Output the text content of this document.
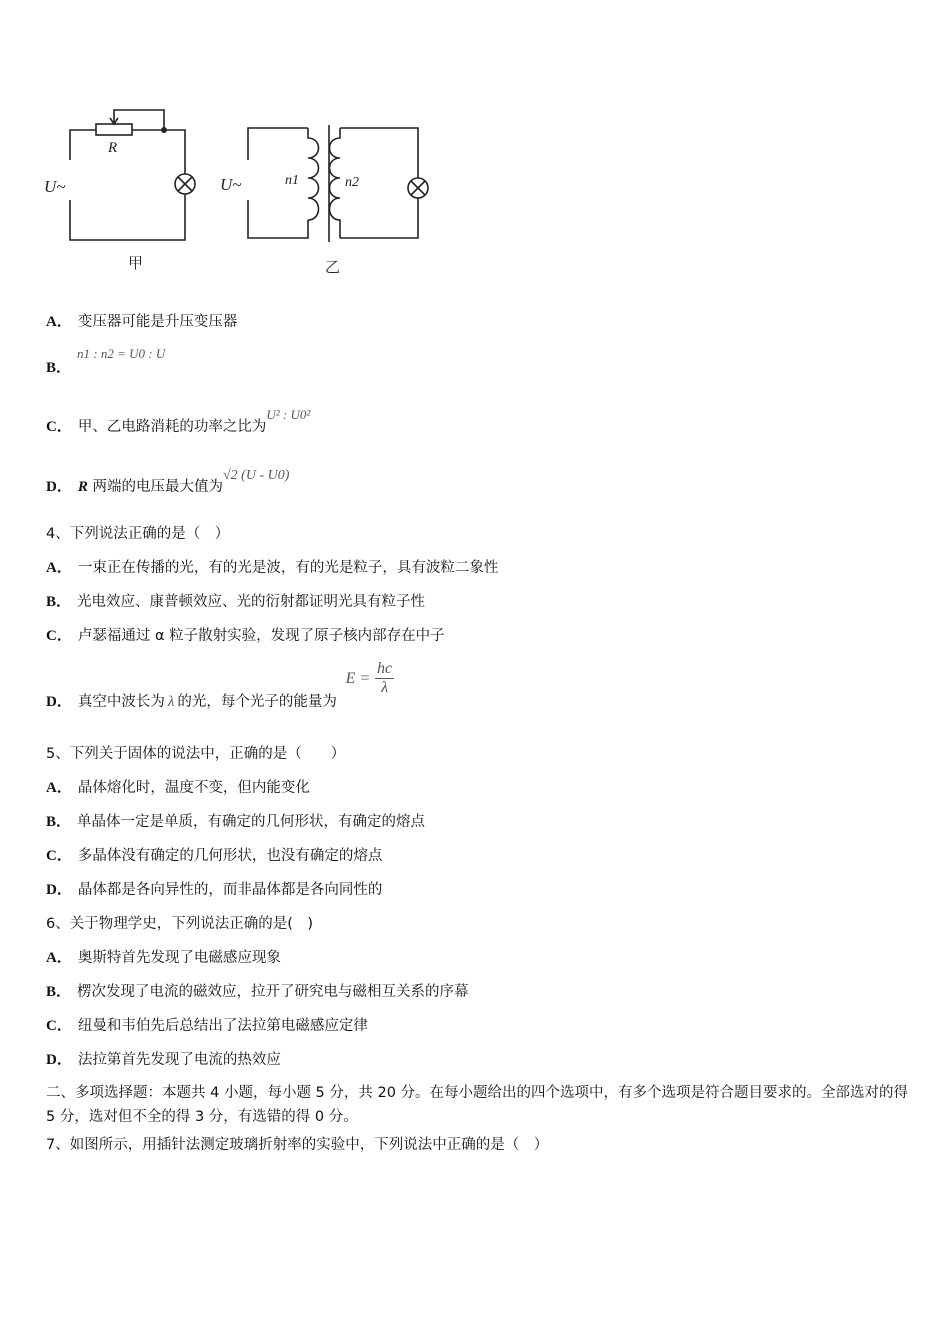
R
U~
甲
U~	n1	n2
乙
A． 变压器可能是升压变压器
B．n1 : n2 = U0 : U
C． 甲、乙电路消耗的功率之比为U² : U0²
D． R 两端的电压最大值为√2 (U - U0)
4、下列说法正确的是（　）
A． 一束正在传播的光，有的光是波，有的光是粒子，具有波粒二象性
B． 光电效应、康普顿效应、光的衍射都证明光具有粒子性
C． 卢瑟福通过 α 粒子散射实验，发现了原子核内部存在中子
D． 真空中波长为 λ 的光，每个光子的能量为 $E = \frac{hc}{\lambda}$
5、下列关于固体的说法中，正确的是（　　）
A． 晶体熔化时，温度不变，但内能变化
B． 单晶体一定是单质，有确定的几何形状，有确定的熔点
C． 多晶体没有确定的几何形状，也没有确定的熔点
D． 晶体都是各向异性的，而非晶体都是各向同性的
6、关于物理学史，下列说法正确的是(　)
A． 奥斯特首先发现了电磁感应现象
B． 楞次发现了电流的磁效应，拉开了研究电与磁相互关系的序幕
C． 纽曼和韦伯先后总结出了法拉第电磁感应定律
D． 法拉第首先发现了电流的热效应
二、多项选择题：本题共 4 小题，每小题 5 分，共 20 分。在每小题给出的四个选项中，有多个选项是符合题目要求的。全部选对的得 5 分，选对但不全的得 3 分，有选错的得 0 分。
7、如图所示，用插针法测定玻璃折射率的实验中，下列说法中正确的是（　）
